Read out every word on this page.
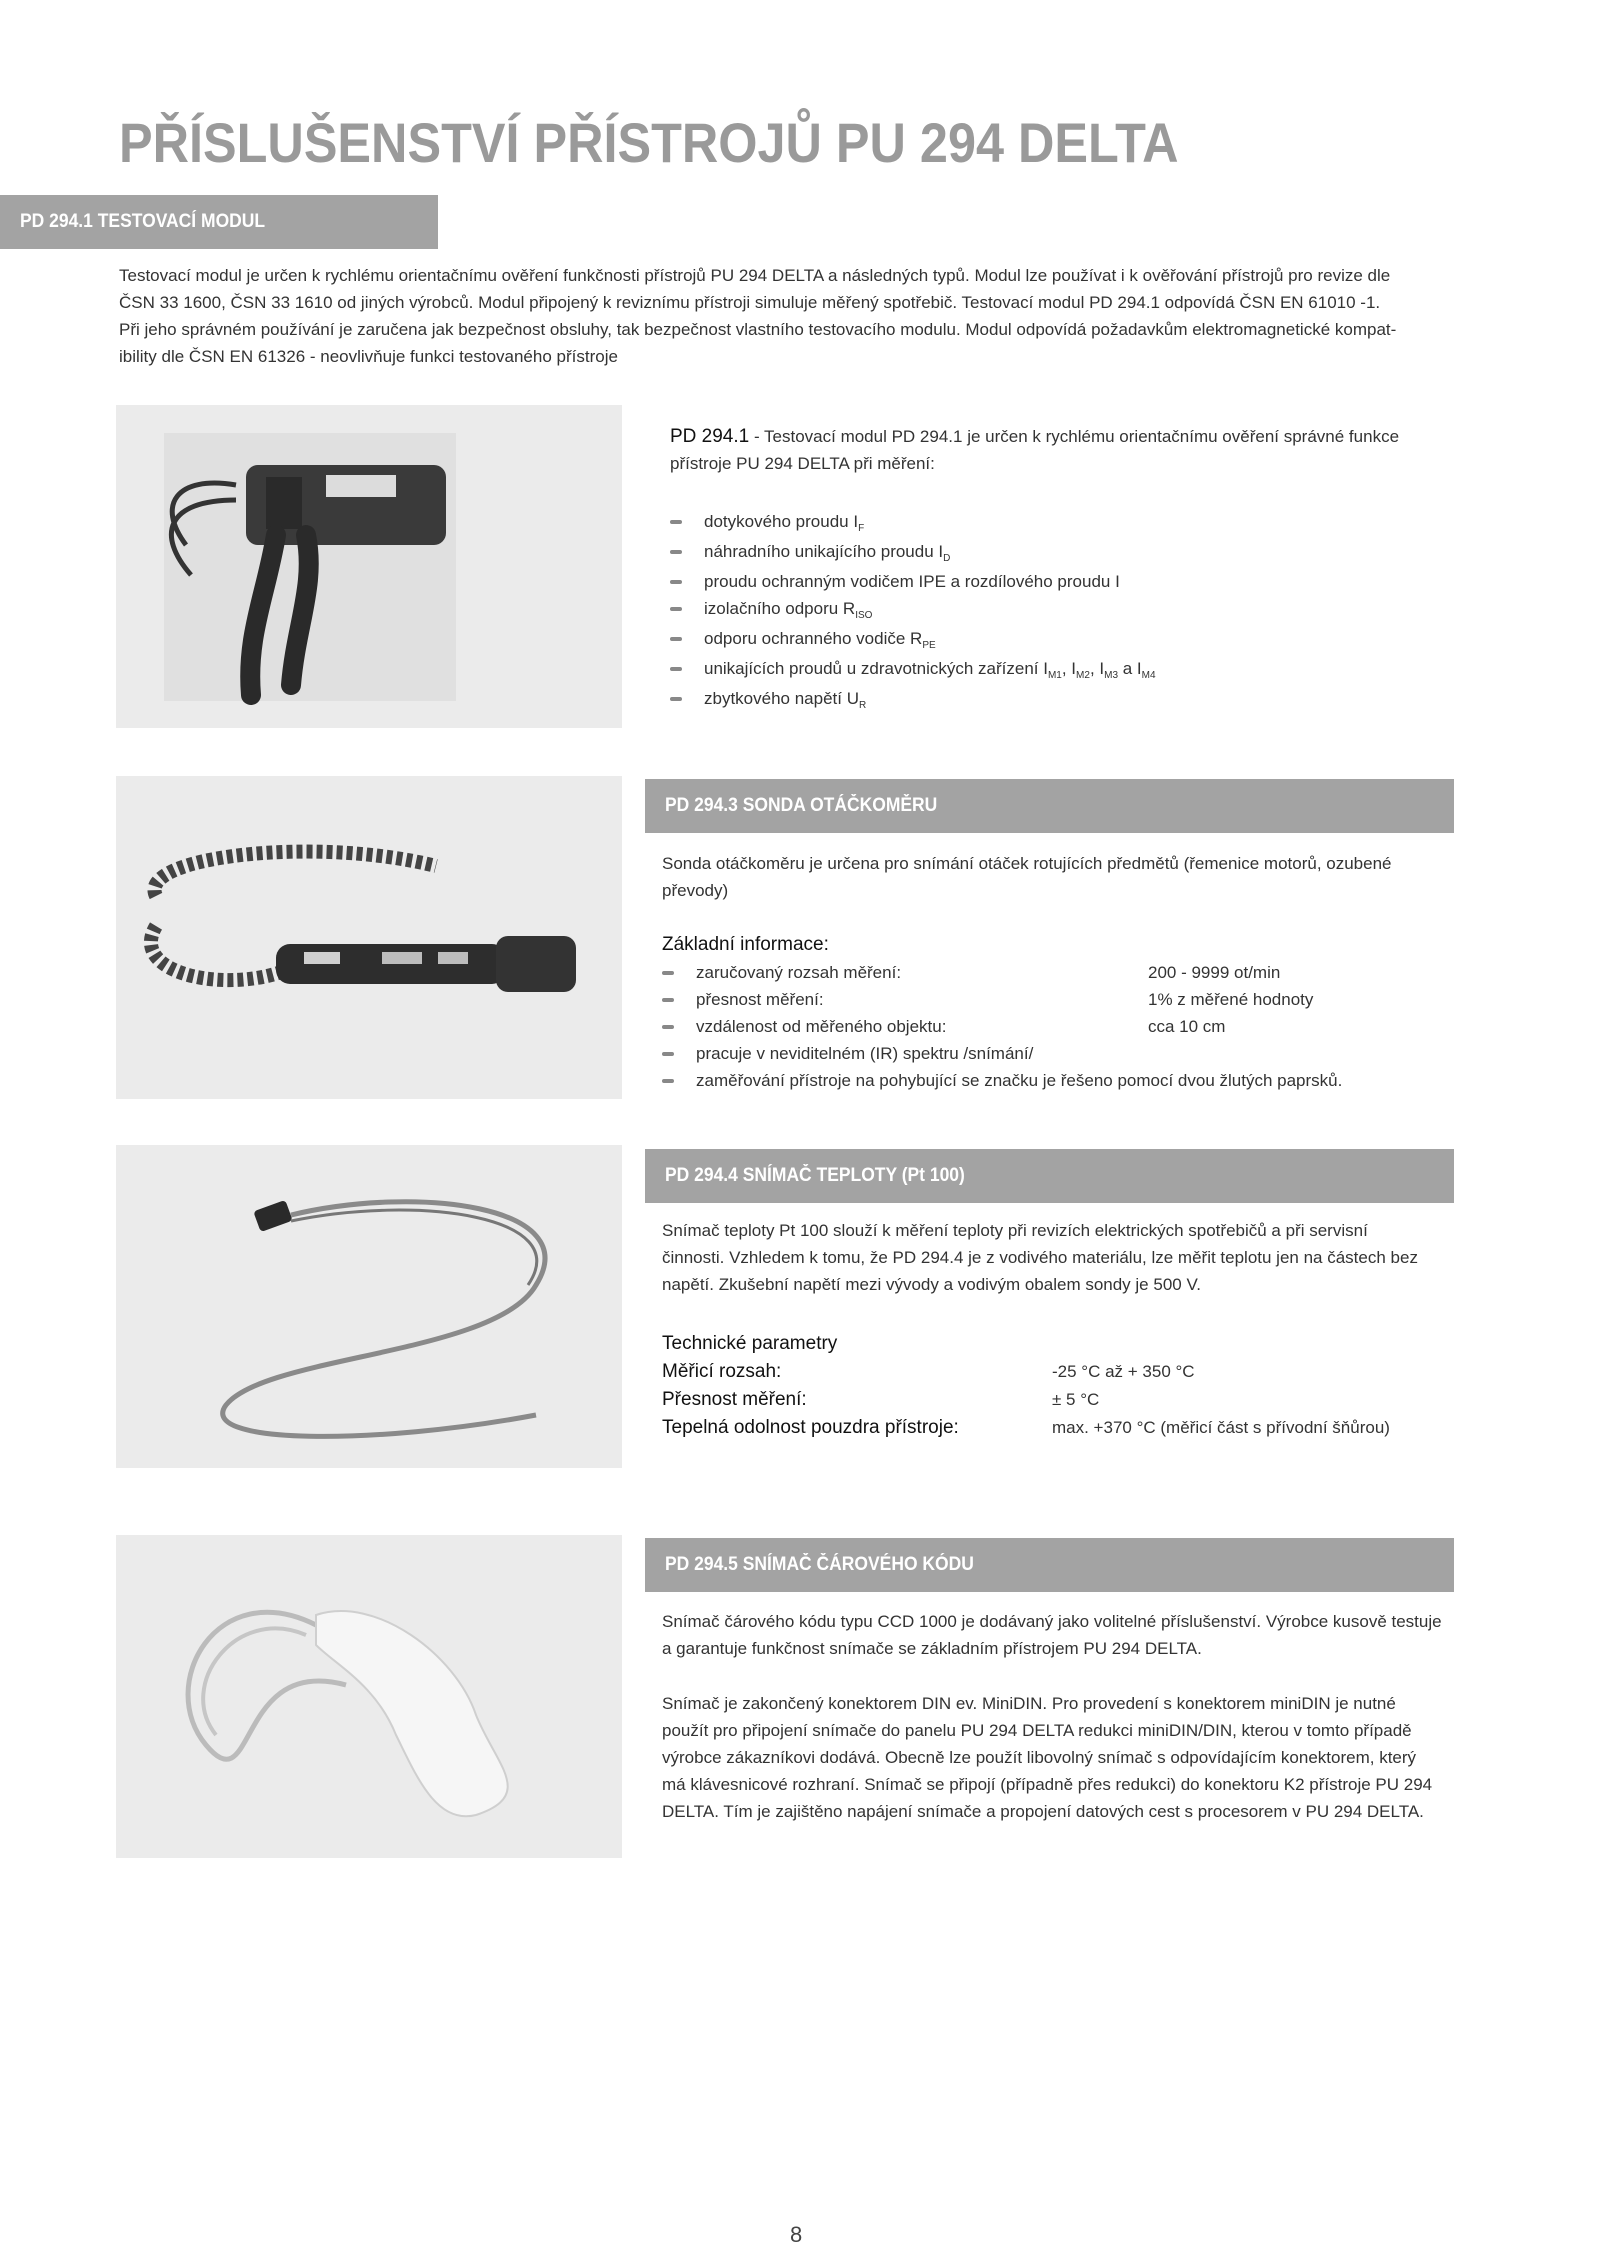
PŘÍSLUŠENSTVÍ PŘÍSTROJŮ PU 294 DELTA
PD 294.1 TESTOVACÍ MODUL

Testovací modul je určen k rychlému orientačnímu ověření funkčnosti přístrojů PU 294 DELTA a následných typů. Modul lze používat i k ověřování přístrojů pro revize dle

ČSN 33 1600, ČSN 33 1610 od jiných výrobců. Modul připojený k reviznímu přístroji simuluje měřený spotřebič. Testovací modul PD 294.1 odpovídá ČSN EN 61010 -1.

Při jeho správném používání je zaručena jak bezpečnost obsluhy, tak bezpečnost vlastního testovacího modulu. Modul odpovídá požadavkům elektromagnetické kompat-

ibility dle ČSN EN 61326 - neovlivňuje funkci testovaného přístroje

PD 294.1 - Testovací modul PD 294.1 je určen k rychlému orientačnímu ověření správné funkce

přístroje PU 294 DELTA při měření:

dotykového proudu $I_F$
náhradního unikajícího proudu $I_D$
proudu ochranným vodičem IPE a rozdílového proudu I
izolačního odporu $R_{ISO}$
odporu ochranného vodiče $R_{PE}$
unikajících proudů u zdravotnických zařízení $I_{M1}$, $I_{M2}$, $I_{M3}$ a $I_{M4}$
zbytkového napětí $U_R$
PD 294.3 SONDA OTÁČKOMĚRU

Sonda otáčkoměru je určena pro snímání otáček rotujících předmětů (řemenice motorů, ozubené

převody)

Základní informace:
zaručovaný rozsah měření:	200 - 9999 ot/min
přesnost měření:	1% z měřené hodnoty
vzdálenost od měřeného objektu:	cca 10 cm
pracuje v neviditelném (IR) spektru /snímání/
zaměřování přístroje na pohybující se značku je řešeno pomocí dvou žlutých paprsků.
PD 294.4 SNÍMAČ TEPLOTY (Pt 100)

Snímač teploty Pt 100 slouží k měření teploty při revizích elektrických spotřebičů a při servisní

činnosti. Vzhledem k tomu, že PD 294.4 je z vodivého materiálu, lze měřit teplotu jen na částech bez

napětí. Zkušební napětí mezi vývody a vodivým obalem sondy je 500 V.

Technické parametry
Měřicí rozsah:	-25 °C až + 350 °C
Přesnost měření:	± 5 °C
Tepelná odolnost pouzdra přístroje:	max. +370 °C (měřicí část s přívodní šňůrou)
PD 294.5 SNÍMAČ ČÁROVÉHO KÓDU

Snímač čárového kódu typu CCD 1000 je dodávaný jako volitelné příslušenství. Výrobce kusově testuje

a garantuje funkčnost snímače se základním přístrojem PU 294 DELTA.

Snímač je zakončený konektorem DIN ev. MiniDIN. Pro provedení s konektorem miniDIN je nutné

použít pro připojení snímače do panelu PU 294 DELTA redukci miniDIN/DIN, kterou v tomto případě

výrobce zákazníkovi dodává. Obecně lze použít libovolný snímač s odpovídajícím konektorem, který

má klávesnicové rozhraní. Snímač se připojí (případně přes redukci) do konektoru K2 přístroje PU 294

DELTA. Tím je zajištěno napájení snímače a propojení datových cest s procesorem v PU 294 DELTA.

8
